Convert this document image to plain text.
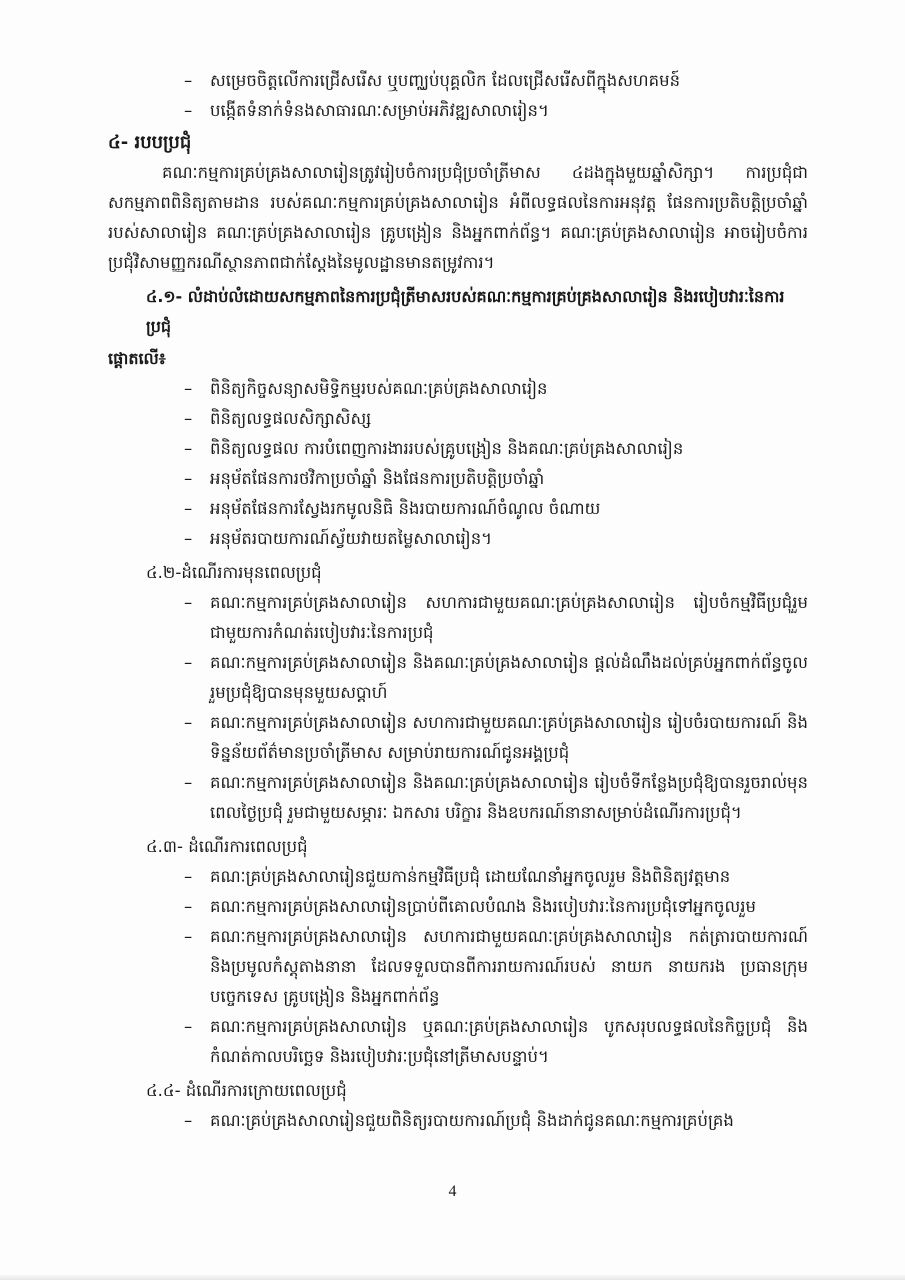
–	សម្រេចចិត្តលើការជ្រើសរើស ឬបញ្ឈប់បុគ្គលិក ដែលជ្រើសរើសពីក្នុងសហគមន៍
–	បង្កើតទំនាក់ទំនងសាធារណៈសម្រាប់អភិវឌ្ឍសាលារៀន។
៤- របបប្រជុំ

គណៈកម្មការគ្រប់គ្រងសាលារៀនត្រូវរៀបចំការប្រជុំប្រចាំត្រីមាស ៤ដងក្នុងមួយឆ្នាំសិក្សា។ ការប្រជុំជាសកម្មភាពពិនិត្យតាមដាន របស់គណៈកម្មការគ្រប់គ្រងសាលារៀន អំពីលទ្ធផលនៃការអនុវត្ត ផែនការប្រតិបត្តិប្រចាំឆ្នាំរបស់សាលារៀន គណៈគ្រប់គ្រងសាលារៀន គ្រូបង្រៀន និងអ្នកពាក់ព័ន្ធ។ គណៈគ្រប់គ្រងសាលារៀន អាចរៀបចំការប្រជុំវិសាមញ្ញករណីស្ថានភាពជាក់ស្តែងនៃមូលដ្ឋានមានតម្រូវការ។

៤.១- លំដាប់លំដោយសកម្មភាពនៃការប្រជុំត្រីមាសរបស់គណៈកម្មការគ្រប់គ្រងសាលារៀន និងរបៀបវារៈនៃការប្រជុំ
ផ្តោតលើ៖
–	ពិនិត្យកិច្ចសន្យាសមិទ្ធិកម្មរបស់គណៈគ្រប់គ្រងសាលារៀន
–	ពិនិត្យលទ្ធផលសិក្សាសិស្ស
–	ពិនិត្យលទ្ធផល ការបំពេញការងាររបស់គ្រូបង្រៀន និងគណៈគ្រប់គ្រងសាលារៀន
–	អនុម័តផែនការថវិកាប្រចាំឆ្នាំ និងផែនការប្រតិបត្តិប្រចាំឆ្នាំ
–	អនុម័តផែនការស្វែងរកមូលនិធិ និងរបាយការណ៍ចំណូល ចំណាយ
–	អនុម័តរបាយការណ៍ស្វ័យវាយតម្លៃសាលារៀន។
៤.២-ដំណើរការមុនពេលប្រជុំ
–	គណៈកម្មការគ្រប់គ្រងសាលារៀន សហការជាមួយគណៈគ្រប់គ្រងសាលារៀន រៀបចំកម្មវិធីប្រជុំរួមជាមួយការកំណត់របៀបវារៈនៃការប្រជុំ
–	គណៈកម្មការគ្រប់គ្រងសាលារៀន និងគណៈគ្រប់គ្រងសាលារៀន ផ្តល់ដំណឹងដល់គ្រប់អ្នកពាក់ព័ន្ធចូលរួមប្រជុំឱ្យបានមុនមួយសប្តាហ៍
–	គណៈកម្មការគ្រប់គ្រងសាលារៀន សហការជាមួយគណៈគ្រប់គ្រងសាលារៀន រៀបចំរបាយការណ៍ និងទិន្នន័យព័ត៌មានប្រចាំត្រីមាស សម្រាប់រាយការណ៍ជូនអង្គប្រជុំ
–	គណៈកម្មការគ្រប់គ្រងសាលារៀន និងគណៈគ្រប់គ្រងសាលារៀន រៀបចំទីកន្លែងប្រជុំឱ្យបានរួចរាល់មុនពេលថ្ងៃប្រជុំ រួមជាមួយសម្ភារៈ ឯកសារ បរិក្ខារ និងឧបករណ៍នានាសម្រាប់ដំណើរការប្រជុំ។
៤.៣- ដំណើរការពេលប្រជុំ
–	គណៈគ្រប់គ្រងសាលារៀនជួយកាន់កម្មវិធីប្រជុំ ដោយណែនាំអ្នកចូលរួម និងពិនិត្យវត្តមាន
–	គណៈកម្មការគ្រប់គ្រងសាលារៀនប្រាប់ពីគោលបំណង និងរបៀបវារៈនៃការប្រជុំទៅអ្នកចូលរួម
–	គណៈកម្មការគ្រប់គ្រងសាលារៀន សហការជាមួយគណៈគ្រប់គ្រងសាលារៀន កត់ត្រារបាយការណ៍ និងប្រមូលកំស្តុតាងនានា ដែលទទួលបានពីការរាយការណ៍របស់ នាយក នាយករង ប្រធានក្រុមបច្ចេកទេស គ្រូបង្រៀន និងអ្នកពាក់ព័ន្ធ
–	គណៈកម្មការគ្រប់គ្រងសាលារៀន ឬគណៈគ្រប់គ្រងសាលារៀន បូកសរុបលទ្ធផលនៃកិច្ចប្រជុំ និងកំណត់កាលបរិច្ឆេទ និងរបៀបវារៈប្រជុំនៅត្រីមាសបន្ទាប់។
៤.៤- ដំណើរការក្រោយពេលប្រជុំ
–	គណៈគ្រប់គ្រងសាលារៀនជួយពិនិត្យរបាយការណ៍ប្រជុំ និងដាក់ជូនគណៈកម្មការគ្រប់គ្រង
4
